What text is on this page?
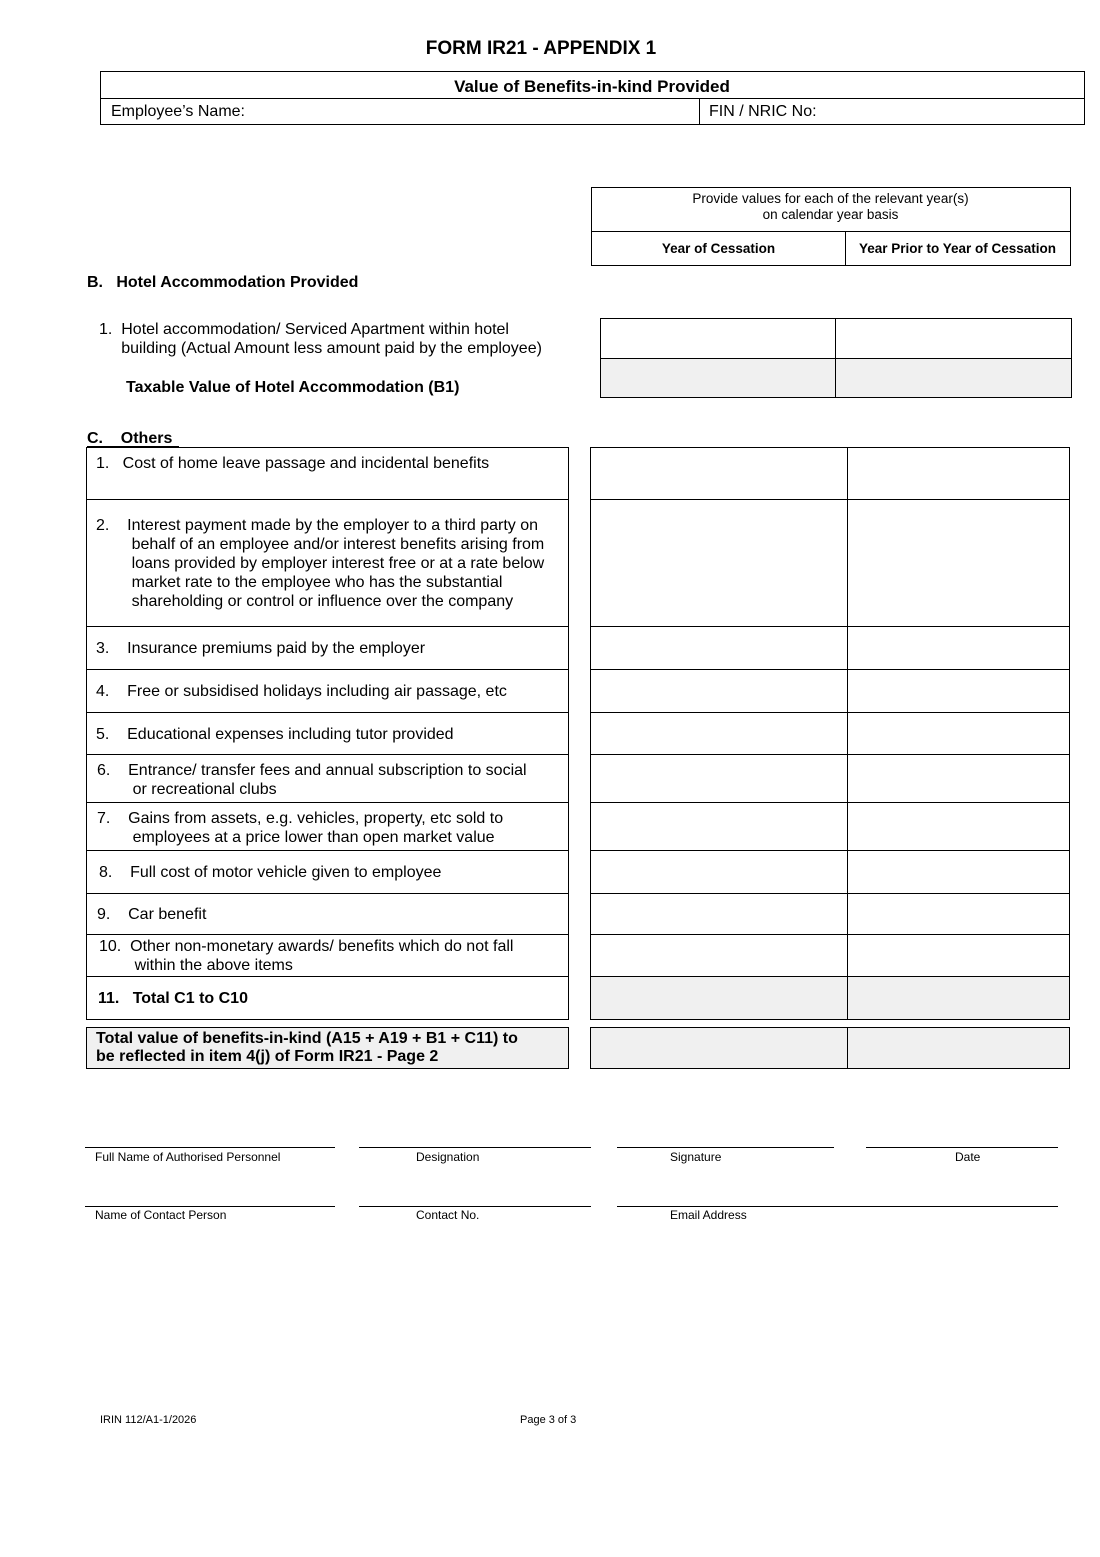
FORM IR21 - APPENDIX 1
Value of Benefits-in-kind Provided
Employee’s Name:	FIN / NRIC No:
Provide values for each of the relevant year(s)
on calendar year basis
Year of Cessation	Year Prior to Year of Cessation
B.   Hotel Accommodation Provided
1.  Hotel accommodation/ Serviced Apartment within hotel
building (Actual Amount less amount paid by the employee)
Taxable Value of Hotel Accommodation (B1)
C.    Others
1.   Cost of home leave passage and incidental benefits
2.    Interest payment made by the employer to a third party on
behalf of an employee and/or interest benefits arising from
loans provided by employer interest free or at a rate below
market rate to the employee who has the substantial
shareholding or control or influence over the company
3.    Insurance premiums paid by the employer
4.    Free or subsidised holidays including air passage, etc
5.    Educational expenses including tutor provided
6.    Entrance/ transfer fees and annual subscription to social
or recreational clubs
7.    Gains from assets, e.g. vehicles, property, etc sold to
employees at a price lower than open market value
8.    Full cost of motor vehicle given to employee
9.    Car benefit
10.  Other non-monetary awards/ benefits which do not fall
within the above items
11.   Total C1 to C10
Total value of benefits-in-kind (A15 + A19 + B1 + C11) to
be reflected in item 4(j) of Form IR21 - Page 2
Full Name of Authorised Personnel	Designation	Signature	Date
Name of Contact Person	Contact No.	Email Address
IRIN 112/A1-1/2026	Page 3 of 3
